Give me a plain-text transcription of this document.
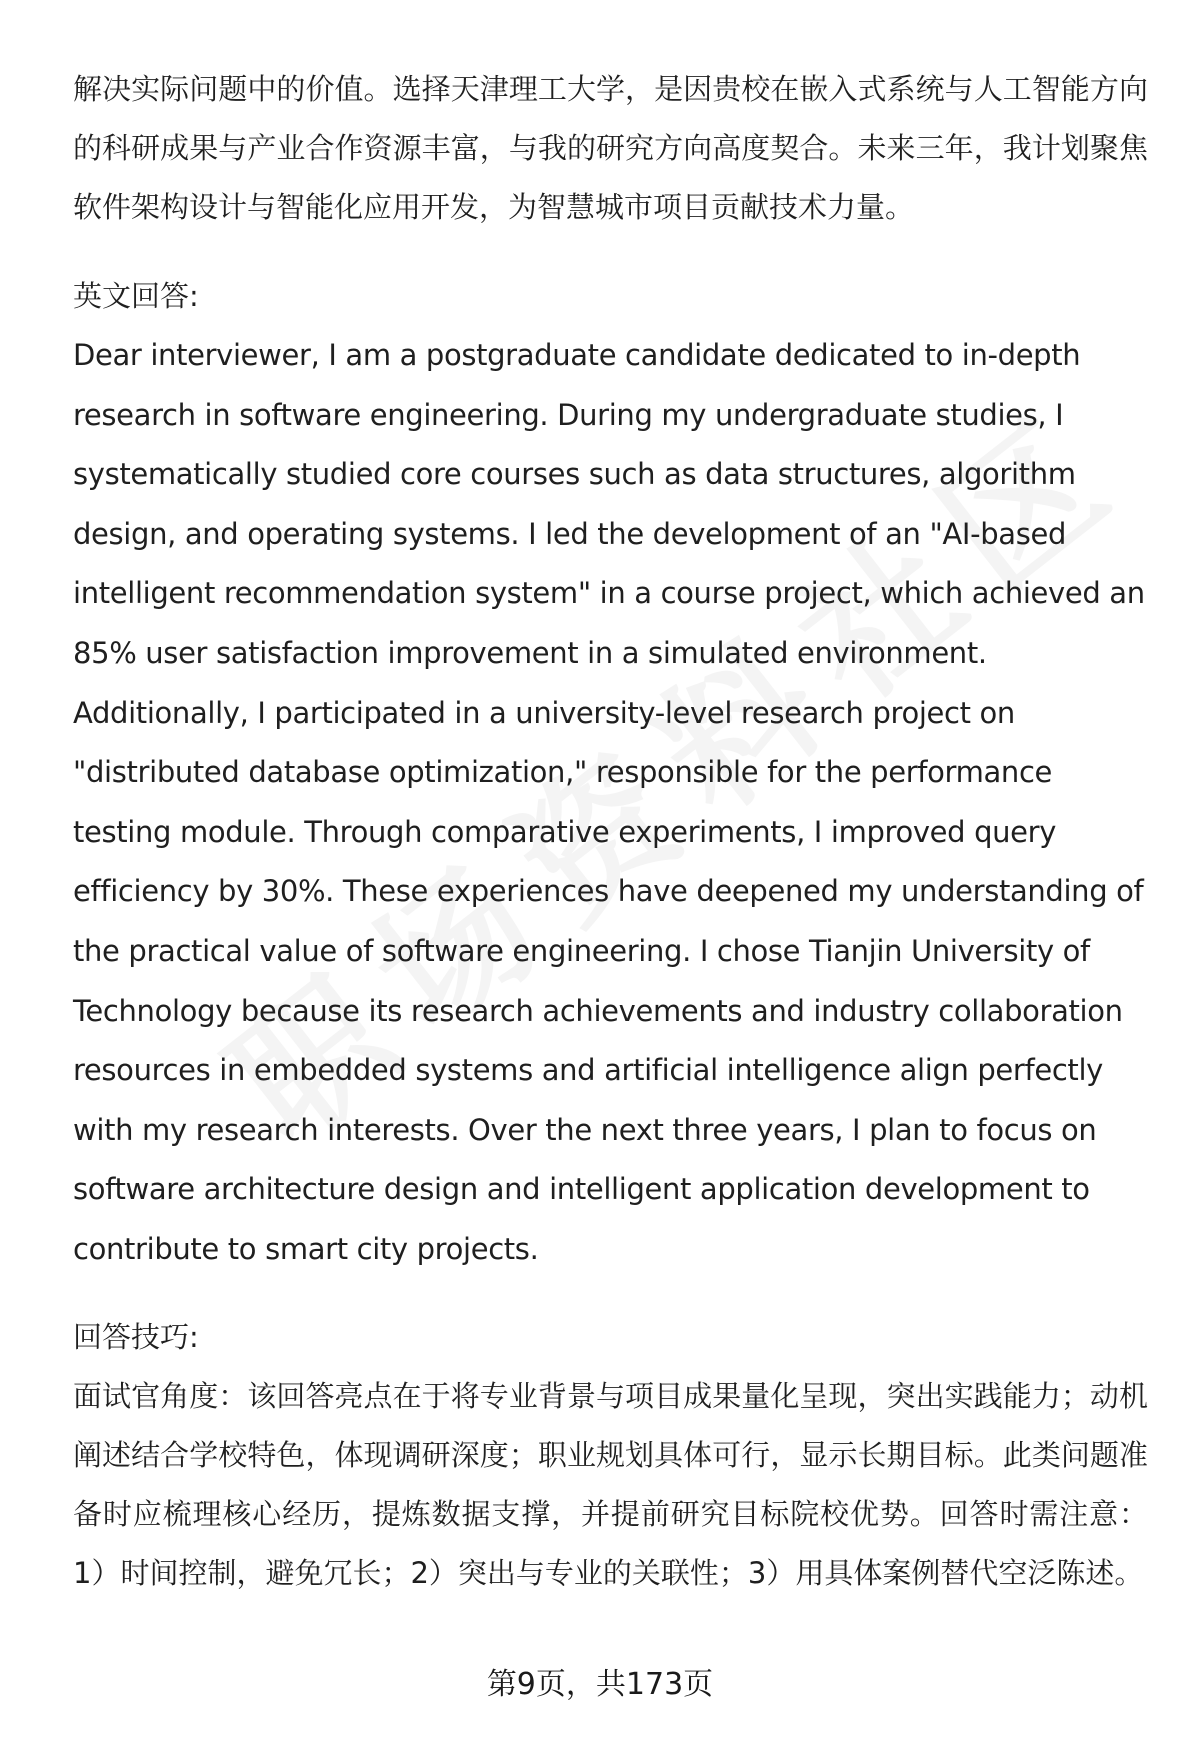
解决实际问题中的价值。选择天津理工大学，是因贵校在嵌入式系统与人工智能方向的科研成果与产业合作资源丰富，与我的研究方向高度契合。未来三年，我计划聚焦软件架构设计与智能化应用开发，为智慧城市项目贡献技术力量。

英文回答:

Dear interviewer, I am a postgraduate candidate dedicated to in-depth research in software engineering. During my undergraduate studies, I systematically studied core courses such as data structures, algorithm design, and operating systems. I led the development of an "AI-based intelligent recommendation system" in a course project, which achieved an 85% user satisfaction improvement in a simulated environment. Additionally, I participated in a university-level research project on "distributed database optimization," responsible for the performance testing module. Through comparative experiments, I improved query efficiency by 30%. These experiences have deepened my understanding of the practical value of software engineering. I chose Tianjin University of Technology because its research achievements and industry collaboration resources in embedded systems and artificial intelligence align perfectly with my research interests. Over the next three years, I plan to focus on software architecture design and intelligent application development to contribute to smart city projects.

回答技巧:

面试官角度：该回答亮点在于将专业背景与项目成果量化呈现，突出实践能力；动机阐述结合学校特色，体现调研深度；职业规划具体可行，显示长期目标。此类问题准备时应梳理核心经历，提炼数据支撑，并提前研究目标院校优势。回答时需注意：1）时间控制，避免冗长；2）突出与专业的关联性；3）用具体案例替代空泛陈述。

第9页，共173页
